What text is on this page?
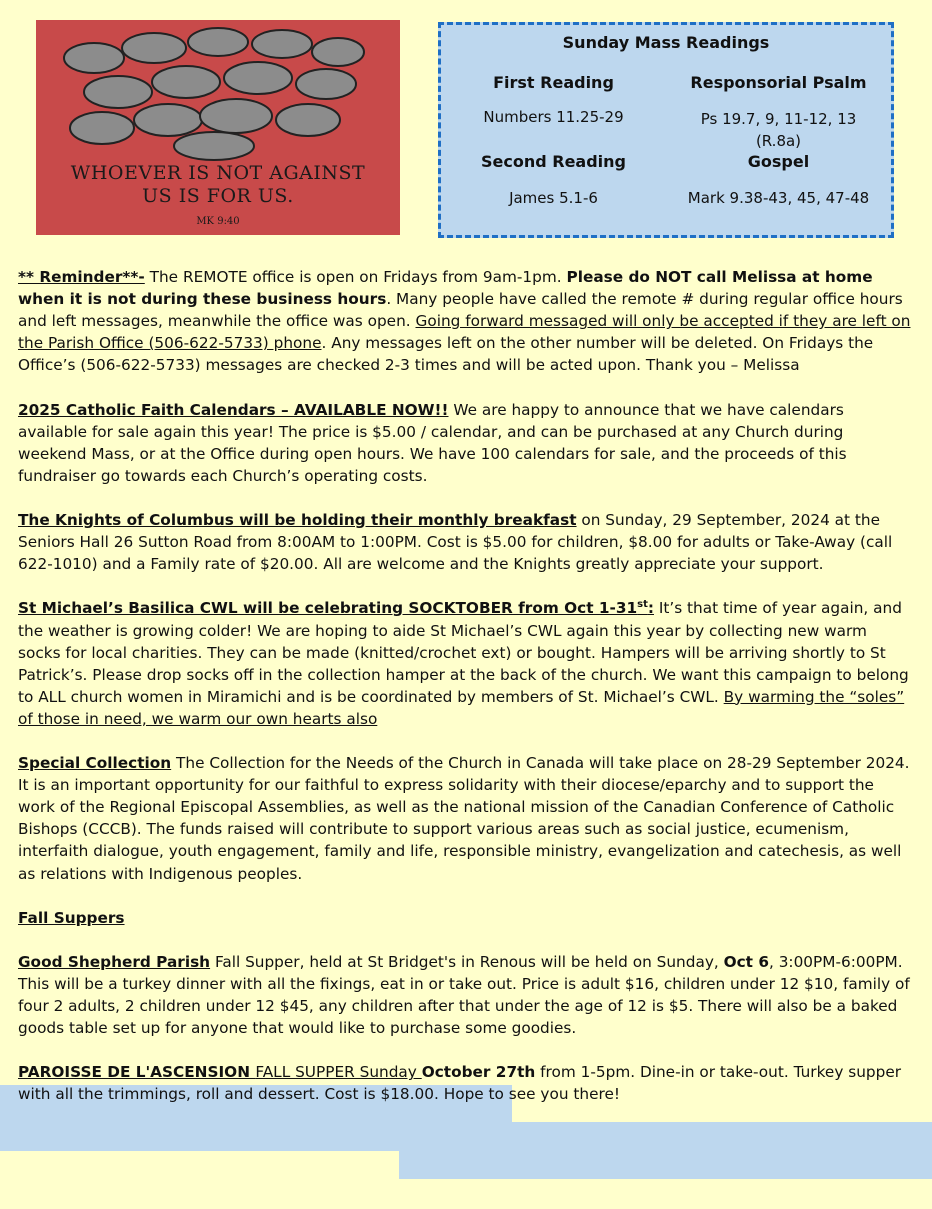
WHOEVER IS NOT AGAINST
US IS FOR US.
MK 9:40
Sunday Mass Readings
First Reading	Responsorial Psalm
Numbers 11.25-29	Ps 19.7, 9, 11-12, 13
(R.8a)
Second Reading	Gospel
James 5.1-6	Mark 9.38-43, 45, 47-48

** Reminder**- The REMOTE office is open on Fridays from 9am-1pm. Please do NOT call Melissa at home when it is not during these business hours. Many people have called the remote # during regular office hours and left messages, meanwhile the office was open. Going forward messaged will only be accepted if they are left on the Parish Office (506-622-5733) phone. Any messages left on the other number will be deleted. On Fridays the Office’s (506-622-5733) messages are checked 2-3 times and will be acted upon. Thank you – Melissa

2025 Catholic Faith Calendars – AVAILABLE NOW!! We are happy to announce that we have calendars available for sale again this year! The price is $5.00 / calendar, and can be purchased at any Church during weekend Mass, or at the Office during open hours. We have 100 calendars for sale, and the proceeds of this fundraiser go towards each Church’s operating costs.

The Knights of Columbus will be holding their monthly breakfast on Sunday, 29 September, 2024 at the Seniors Hall 26 Sutton Road from 8:00AM to 1:00PM. Cost is $5.00 for children, $8.00 for adults or Take-Away (call 622-1010) and a Family rate of $20.00. All are welcome and the Knights greatly appreciate your support.

St Michael’s Basilica CWL will be celebrating SOCKTOBER from Oct 1-31st: It’s that time of year again, and the weather is growing colder! We are hoping to aide St Michael’s CWL again this year by collecting new warm socks for local charities. They can be made (knitted/crochet ext) or bought. Hampers will be arriving shortly to St Patrick’s. Please drop socks off in the collection hamper at the back of the church. We want this campaign to belong to ALL church women in Miramichi and is be coordinated by members of St. Michael’s CWL. By warming the “soles” of those in need, we warm our own hearts also

Special Collection The Collection for the Needs of the Church in Canada will take place on 28-29 September 2024. It is an important opportunity for our faithful to express solidarity with their diocese/eparchy and to support the work of the Regional Episcopal Assemblies, as well as the national mission of the Canadian Conference of Catholic Bishops (CCCB). The funds raised will contribute to support various areas such as social justice, ecumenism, interfaith dialogue, youth engagement, family and life, responsible ministry, evangelization and catechesis, as well as relations with Indigenous peoples.

Fall Suppers

Good Shepherd Parish Fall Supper, held at St Bridget's in Renous will be held on Sunday, Oct 6, 3:00PM-6:00PM. This will be a turkey dinner with all the fixings, eat in or take out. Price is adult $16, children under 12 $10, family of four 2 adults, 2 children under 12 $45, any children after that under the age of 12 is $5. There will also be a baked goods table set up for anyone that would like to purchase some goodies.

PAROISSE DE L'ASCENSION FALL SUPPER Sunday October 27th from 1-5pm. Dine-in or take-out. Turkey supper with all the trimmings, roll and dessert. Cost is $18.00. Hope to see you there!
